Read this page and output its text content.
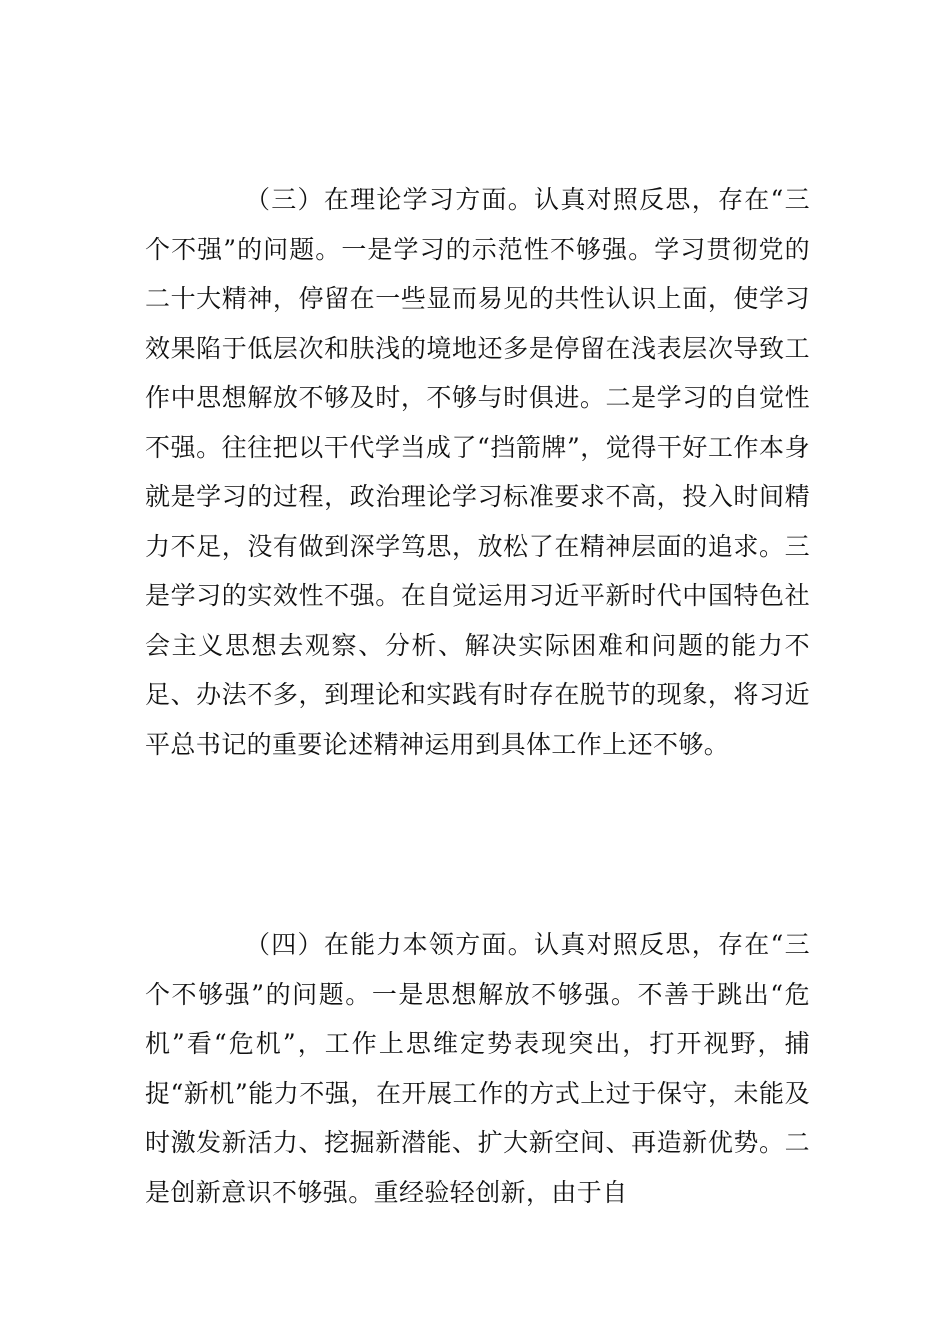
（三）在理论学习方面。认真对照反思，存在“三个不强”的问题。一是学习的示范性不够强。学习贯彻党的二十大精神，停留在一些显而易见的共性认识上面，使学习效果陷于低层次和肤浅的境地还多是停留在浅表层次导致工作中思想解放不够及时，不够与时俱进。二是学习的自觉性不强。往往把以干代学当成了“挡箭牌”，觉得干好工作本身就是学习的过程，政治理论学习标准要求不高，投入时间精力不足，没有做到深学笃思，放松了在精神层面的追求。三是学习的实效性不强。在自觉运用习近平新时代中国特色社会主义思想去观察、分析、解决实际困难和问题的能力不足、办法不多，到理论和实践有时存在脱节的现象，将习近平总书记的重要论述精神运用到具体工作上还不够。

（四）在能力本领方面。认真对照反思，存在“三个不够强”的问题。一是思想解放不够强。不善于跳出“危机”看“危机”，工作上思维定势表现突出，打开视野，捕捉“新机”能力不强，在开展工作的方式上过于保守，未能及时激发新活力、挖掘新潜能、扩大新空间、再造新优势。二是创新意识不够强。重经验轻创新，由于自
